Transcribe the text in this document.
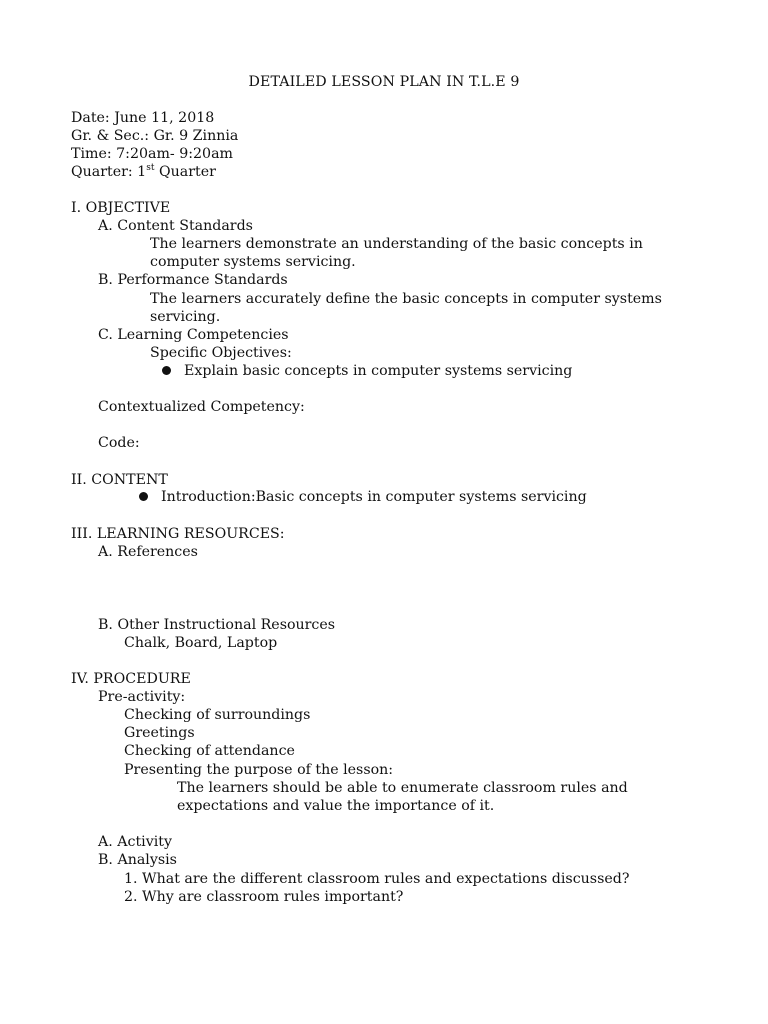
DETAILED LESSON PLAN IN T.L.E 9
Date: June 11, 2018
Gr. & Sec.: Gr. 9 Zinnia
Time: 7:20am- 9:20am
Quarter: 1st Quarter
I. OBJECTIVE
A. Content Standards
The learners demonstrate an understanding of the basic concepts in
computer systems servicing.
B. Performance Standards
The learners accurately define the basic concepts in computer systems
servicing.
C. Learning Competencies
Specific Objectives:
Explain basic concepts in computer systems servicing
Contextualized Competency:
Code:
II. CONTENT
Introduction:Basic concepts in computer systems servicing
III. LEARNING RESOURCES:
A. References
B. Other Instructional Resources
Chalk, Board, Laptop
IV. PROCEDURE
Pre-activity:
Checking of surroundings
Greetings
Checking of attendance
Presenting the purpose of the lesson:
The learners should be able to enumerate classroom rules and
expectations and value the importance of it.
A. Activity
B. Analysis
1. What are the different classroom rules and expectations discussed?
2. Why are classroom rules important?
